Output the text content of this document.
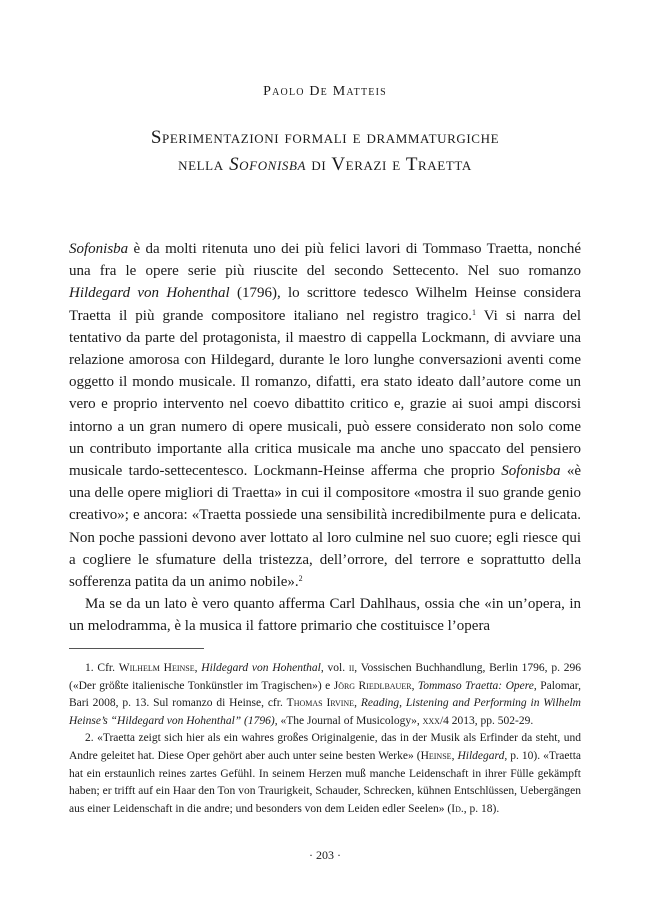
Paolo De Matteis
Sperimentazioni formali e drammaturgiche
nella Sofonisba di Verazi e Traetta

Sofonisba è da molti ritenuta uno dei più felici lavori di Tommaso Traetta, nonché una fra le opere serie più riuscite del secondo Settecento. Nel suo romanzo Hildegard von Hohenthal (1796), lo scrittore tedesco Wilhelm Heinse considera Traetta il più grande compositore italiano nel registro tragico.$^1$ Vi si narra del tentativo da parte del protagonista, il maestro di cappella Lockmann, di avviare una relazione amorosa con Hildegard, durante le loro lunghe conversazioni aventi come oggetto il mondo musicale. Il romanzo, difatti, era stato ideato dall’autore come un vero e proprio intervento nel coevo dibattito critico e, grazie ai suoi ampi discorsi intorno a un gran numero di opere musicali, può essere considerato non solo come un contributo importante alla critica musicale ma anche uno spaccato del pensiero musicale tardo-settecentesco. Lockmann-Heinse afferma che proprio Sofonisba «è una delle opere migliori di Traetta» in cui il compositore «mostra il suo grande genio creativo»; e ancora: «Traetta possiede una sensibilità incredibilmente pura e delicata. Non poche passioni devono aver lottato al loro culmine nel suo cuore; egli riesce qui a cogliere le sfumature della tristezza, dell’orrore, del terrore e soprattutto della sofferenza patita da un animo nobile».$^2$

Ma se da un lato è vero quanto afferma Carl Dahlhaus, ossia che «in un’opera, in un melodramma, è la musica il fattore primario che costituisce l’opera

1. Cfr. Wilhelm Heinse, Hildegard von Hohenthal, vol. ii, Vossischen Buchhandlung, Berlin 1796, p. 296 («Der größte italienische Tonkünstler im Tragischen») e Jörg Riedlbauer, Tommaso Traetta: Opere, Palomar, Bari 2008, p. 13. Sul romanzo di Heinse, cfr. Thomas Irvine, Reading, Listening and Performing in Wilhelm Heinse’s “Hildegard von Hohenthal” (1796), «The Journal of Musicology», xxx/4 2013, pp. 502-29.

2. «Traetta zeigt sich hier als ein wahres großes Originalgenie, das in der Musik als Erfinder da steht, und Andre geleitet hat. Diese Oper gehört aber auch unter seine besten Werke» (Heinse, Hildegard, p. 10). «Traetta hat ein erstaunlich reines zartes Gefühl. In seinem Herzen muß manche Leidenschaft in ihrer Fülle gekämpft haben; er trifft auf ein Haar den Ton von Traurigkeit, Schauder, Schrecken, kühnen Entschlüssen, Uebergängen aus einer Leidenschaft in die andre; und besonders von dem Leiden edler Seelen» (Id., p. 18).

· 203 ·
